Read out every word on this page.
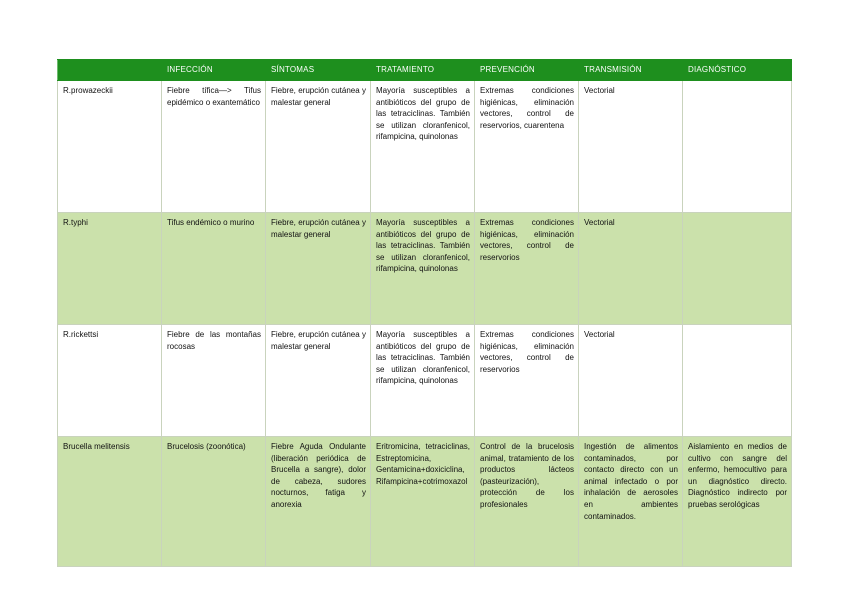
	INFECCIÓN	SÍNTOMAS	TRATAMIENTO	PREVENCIÓN	TRANSMISIÓN	DIAGNÓSTICO
R.prowazeckii	Fiebre tífica—> Tifus epidémico o exantemático	Fiebre, erupción cutánea y malestar general	Mayoría susceptibles a antibióticos del grupo de las tetraciclinas. También se utilizan cloranfenicol, rifampicina, quinolonas	Extremas condiciones higiénicas, eliminación vectores, control de reservorios, cuarentena	Vectorial	
R.typhi	Tifus endémico o murino	Fiebre, erupción cutánea y malestar general	Mayoría susceptibles a antibióticos del grupo de las tetraciclinas. También se utilizan cloranfenicol, rifampicina, quinolonas	Extremas condiciones higiénicas, eliminación vectores, control de reservorios	Vectorial	
R.rickettsi	Fiebre de las montañas rocosas	Fiebre, erupción cutánea y malestar general	Mayoría susceptibles a antibióticos del grupo de las tetraciclinas. También se utilizan cloranfenicol, rifampicina, quinolonas	Extremas condiciones higiénicas, eliminación vectores, control de reservorios	Vectorial	
Brucella melitensis	Brucelosis (zoonótica)	Fiebre Aguda Ondulante (liberación periódica de Brucella a sangre), dolor de cabeza, sudores nocturnos, fatiga y anorexia	Eritromicina, tetraciclinas, Estreptomicina, Gentamicina+doxiciclina, Rifampicina+cotrimoxazol	Control de la brucelosis animal, tratamiento de los productos lácteos (pasteurización), protección de los profesionales	Ingestión de alimentos contaminados, por contacto directo con un animal infectado o por inhalación de aerosoles en ambientes contaminados.	Aislamiento en medios de cultivo con sangre del enfermo, hemocultivo para un diagnóstico directo. Diagnóstico indirecto por pruebas serológicas
